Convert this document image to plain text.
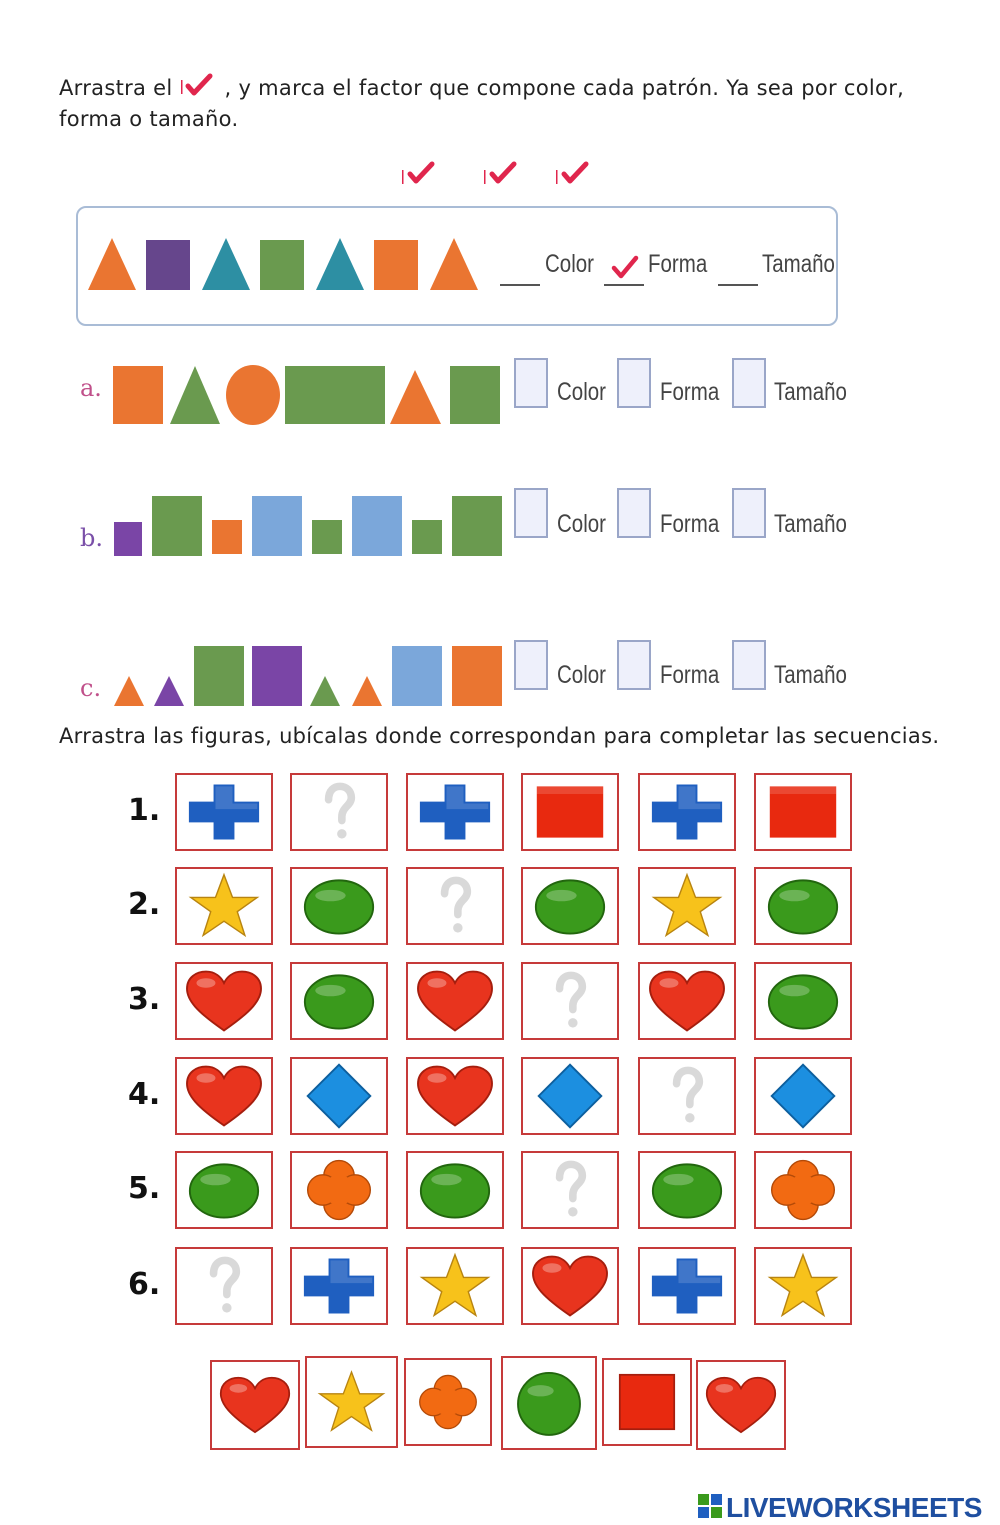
Arrastra el , y marca el factor que compone cada patrón. Ya sea por color,
forma o tamaño.
Color Forma Tamaño
a.	Color Forma Tamaño
b.	Color Forma Tamaño
c.	Color Forma Tamaño
Arrastra las figuras, ubícalas donde correspondan para completar las secuencias.
1.
2.
3.
4.
5.
6.
LIVEWORKSHEETS
